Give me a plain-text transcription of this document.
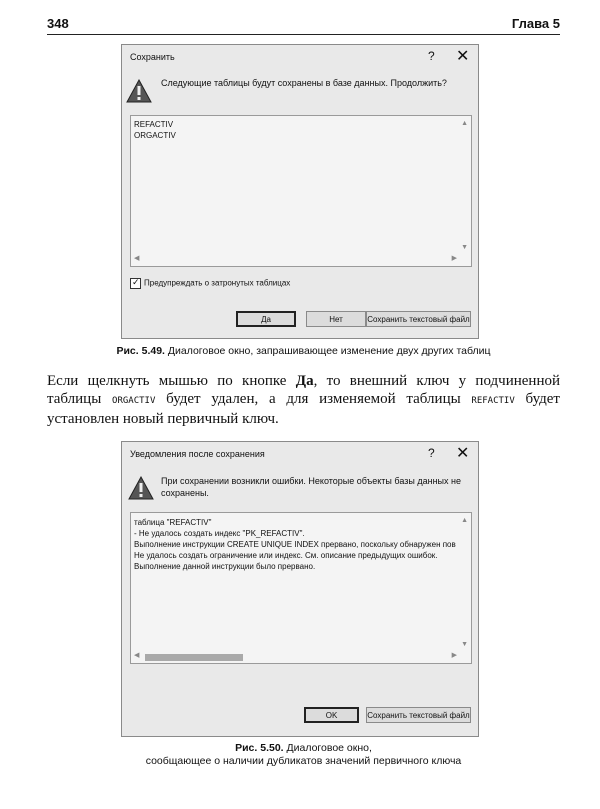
348	Глава 5
Сохранить	? ✕
Следующие таблицы будут сохранены в базе данных. Продолжить?
REFACTIV
ORGACTIV
▲
▼
◀	▶
✓ Предупреждать о затронутых таблицах
Да	Нет	Сохранить текстовый файл
Рис. 5.49. Диалоговое окно, запрашивающее изменение двух других таблиц
Если щелкнуть мышью по кнопке Да, то внешний ключ у подчиненной таблицы ORGACTIV будет удален, а для изменяемой таблицы REFACTIV будет установлен новый первичный ключ.
Уведомления после сохранения	? ✕
При сохранении возникли ошибки. Некоторые объекты базы данных не
сохранены.
таблица "REFACTIV"
- Не удалось создать индекс "PK_REFACTIV".
Выполнение инструкции CREATE UNIQUE INDEX прервано, поскольку обнаружен пов
Не удалось создать ограничение или индекс. См. описание предыдущих ошибок.
Выполнение данной инструкции было прервано.
▲
▼
◀	▶
OK	Сохранить текстовый файл
Рис. 5.50. Диалоговое окно,
сообщающее о наличии дубликатов значений первичного ключа
